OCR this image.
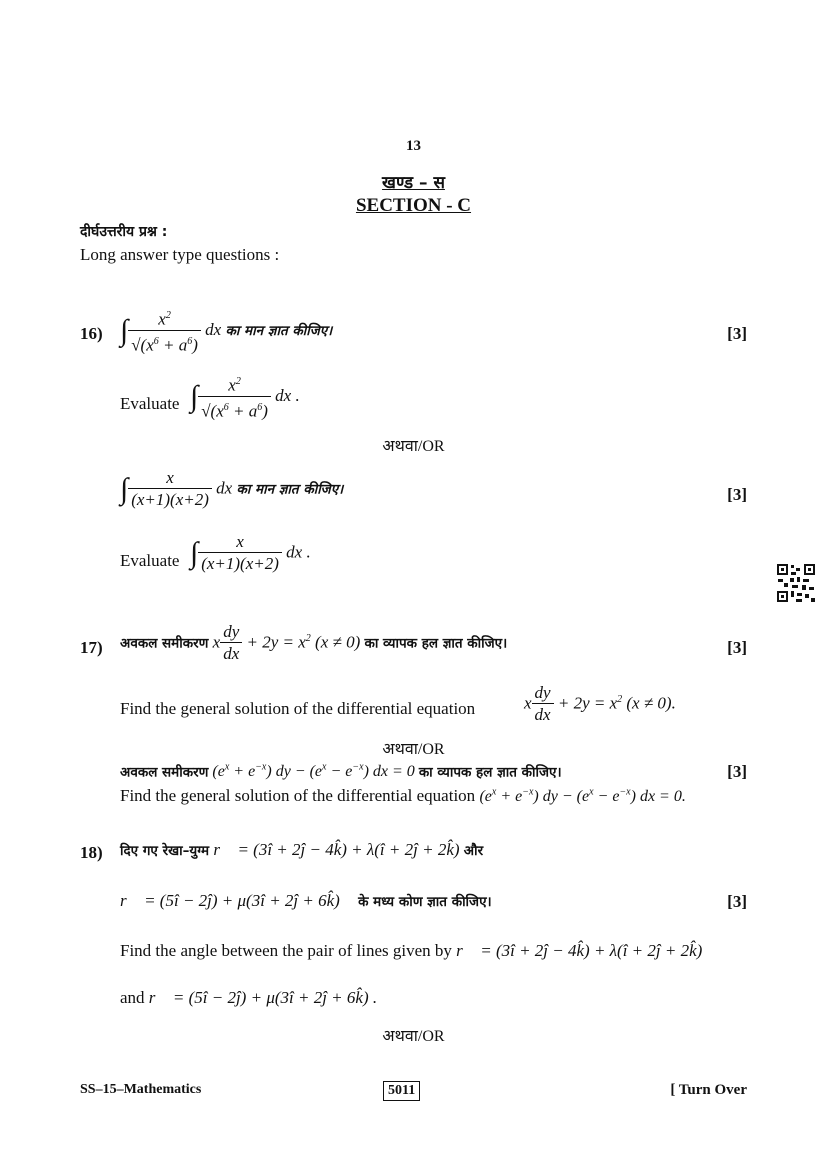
13
खण्ड – स
SECTION - C
दीर्घउत्तरीय प्रश्न :
Long answer type questions :
16) ∫ $\frac{x^2}{√(x^6 + a^6)}$ dx का मान ज्ञात कीजिए।	[3]
Evaluate ∫ $\frac{x^2}{√(x^6 + a^6)}$ dx .
अथवा/OR
∫ $\frac{x}{(x+1)(x+2)}$ dx का मान ज्ञात कीजिए।	[3]
Evaluate ∫ $\frac{x}{(x+1)(x+2)}$ dx .
17) अवकल समीकरण x $\frac{dy}{dx} + 2y = x^2$ (x ≠ 0) का व्यापक हल ज्ञात कीजिए।	[3]
Find the general solution of the differential equation	x $\frac{dy}{dx} + 2y = x^2$ (x ≠ 0).
अथवा/OR
अवकल समीकरण $(e^x + e^{-x})$ dy − $(e^x - e^{-x})$ dx = 0 का व्यापक हल ज्ञात कीजिए।	[3]
Find the general solution of the differential equation $(e^x + e^{-x})$ dy − $(e^x - e^{-x})$ dx = 0.
18) दिए गए रेखा–युग्म r⃗ = (3î + 2ĵ − 4k̂) + λ(î + 2ĵ + 2k̂) और
r⃗ = (5î − 2ĵ) + μ(3î + 2ĵ + 6k̂) के मध्य कोण ज्ञात कीजिए।	[3]
Find the angle between the pair of lines given by r⃗ = (3î + 2ĵ − 4k̂) + λ(î + 2ĵ + 2k̂)
and r⃗ = (5î − 2ĵ) + μ(3î + 2ĵ + 6k̂) .
अथवा/OR
SS–15–Mathematics	5011	[ Turn Over
